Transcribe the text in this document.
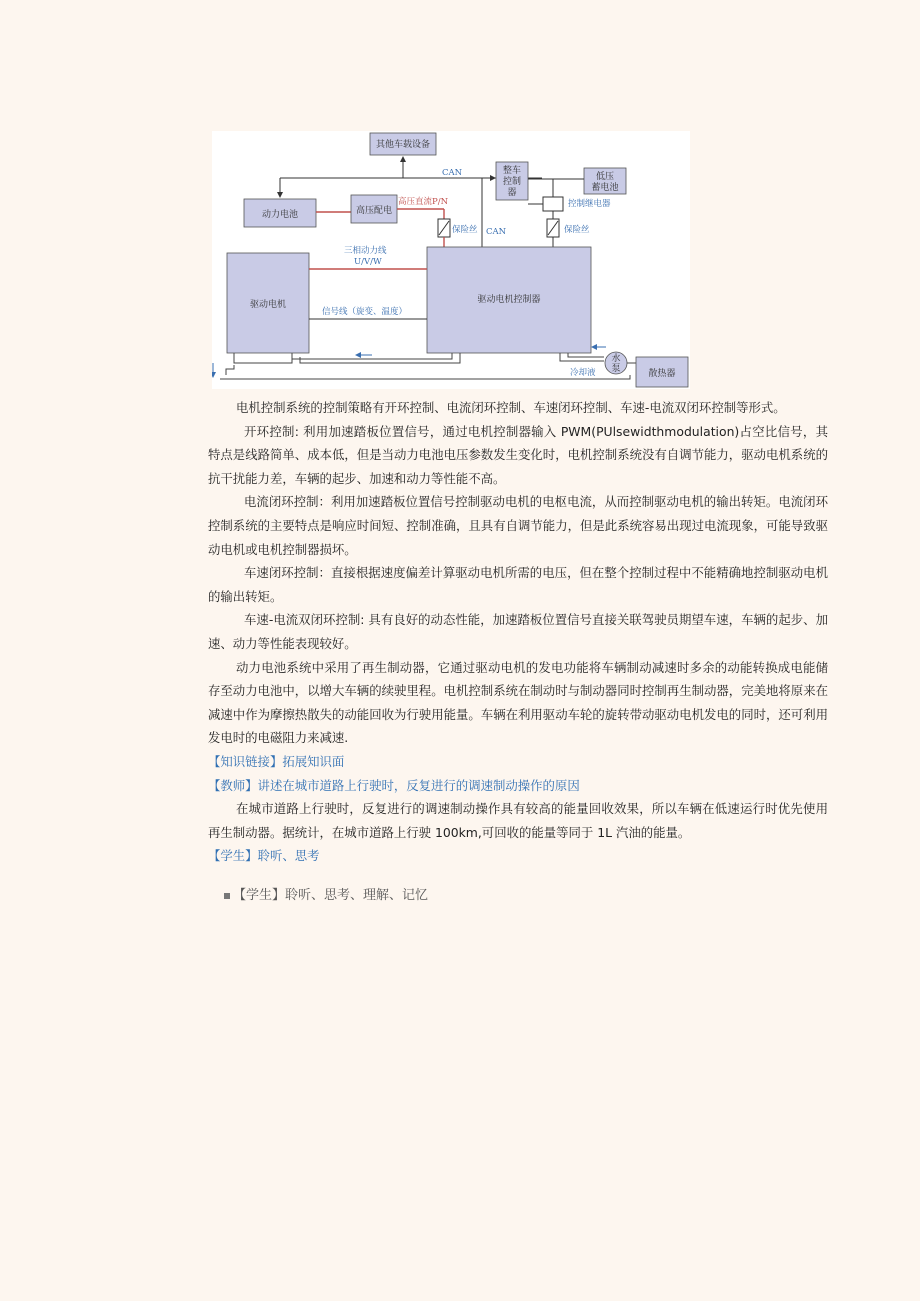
其他车载设备
CAN	整车
控制
器
低压
蓄电池
控制继电器
保险丝
CAN
动力电池	高压配电
高压直流P/N
保险丝
驱动电机	驱动电机控制器
三相动力线
U/V/W
信号线（旋变、温度）
冷却液
水
泵	散热器

电机控制系统的控制策略有开环控制、电流闭环控制、车速闭环控制、车速-电流双闭环控制等形式。

开环控制: 利用加速踏板位置信号，通过电机控制器输入 PWM(PUlsewidthmodulation)占空比信号，其特点是线路简单、成本低，但是当动力电池电压参数发生变化时，电机控制系统没有自调节能力，驱动电机系统的抗干扰能力差，车辆的起步、加速和动力等性能不高。

电流闭环控制：利用加速踏板位置信号控制驱动电机的电枢电流，从而控制驱动电机的输出转矩。电流闭环控制系统的主要特点是响应时间短、控制准确，且具有自调节能力，但是此系统容易出现过电流现象，可能导致驱动电机或电机控制器损坏。

车速闭环控制：直接根据速度偏差计算驱动电机所需的电压，但在整个控制过程中不能精确地控制驱动电机的输出转矩。

车速-电流双闭环控制: 具有良好的动态性能，加速踏板位置信号直接关联驾驶员期望车速，车辆的起步、加速、动力等性能表现较好。

动力电池系统中采用了再生制动器，它通过驱动电机的发电功能将车辆制动减速时多余的动能转换成电能储存至动力电池中，以增大车辆的续驶里程。电机控制系统在制动时与制动器同时控制再生制动器，完美地将原来在减速中作为摩擦热散失的动能回收为行驶用能量。车辆在利用驱动车轮的旋转带动驱动电机发电的同时，还可利用发电时的电磁阻力来减速.

【知识链接】拓展知识面

【教师】讲述在城市道路上行驶时，反复进行的调速制动操作的原因

在城市道路上行驶时，反复进行的调速制动操作具有较高的能量回收效果，所以车辆在低速运行时优先使用再生制动器。据统计，在城市道路上行驶 100km,可回收的能量等同于 1L 汽油的能量。

【学生】聆听、思考

【学生】聆听、思考、理解、记忆
